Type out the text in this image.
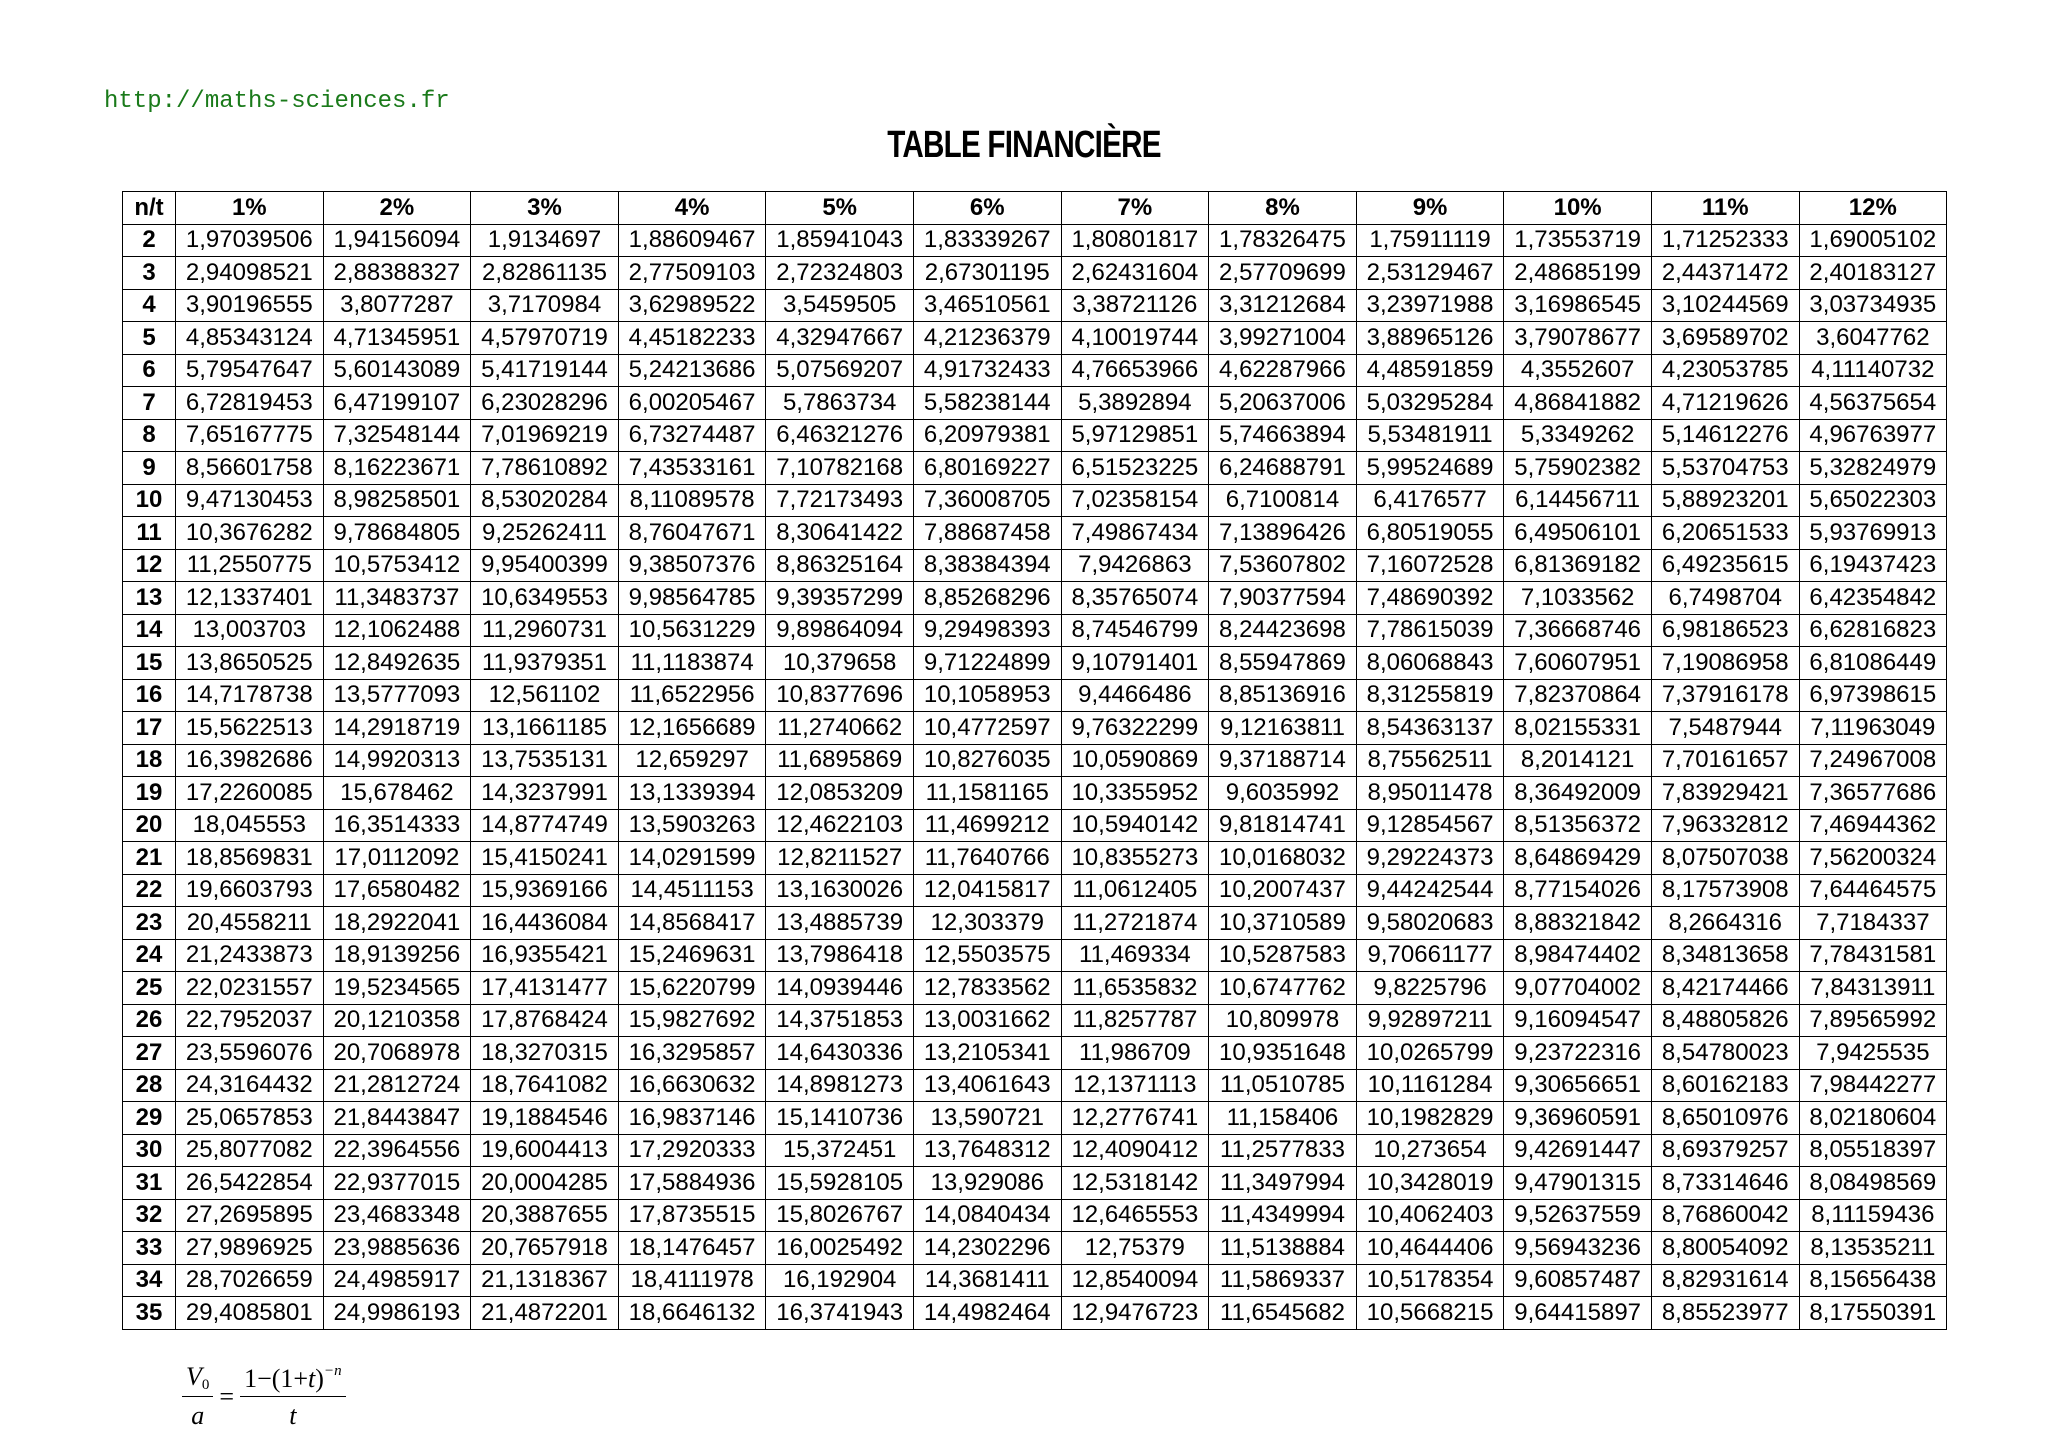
http://maths-sciences.fr
TABLE FINANCIÈRE
n/t	1%	2%	3%	4%	5%	6%	7%	8%	9%	10%	11%	12%
2	1,97039506	1,94156094	1,9134697	1,88609467	1,85941043	1,83339267	1,80801817	1,78326475	1,75911119	1,73553719	1,71252333	1,69005102
3	2,94098521	2,88388327	2,82861135	2,77509103	2,72324803	2,67301195	2,62431604	2,57709699	2,53129467	2,48685199	2,44371472	2,40183127
4	3,90196555	3,8077287	3,7170984	3,62989522	3,5459505	3,46510561	3,38721126	3,31212684	3,23971988	3,16986545	3,10244569	3,03734935
5	4,85343124	4,71345951	4,57970719	4,45182233	4,32947667	4,21236379	4,10019744	3,99271004	3,88965126	3,79078677	3,69589702	3,6047762
6	5,79547647	5,60143089	5,41719144	5,24213686	5,07569207	4,91732433	4,76653966	4,62287966	4,48591859	4,3552607	4,23053785	4,11140732
7	6,72819453	6,47199107	6,23028296	6,00205467	5,7863734	5,58238144	5,3892894	5,20637006	5,03295284	4,86841882	4,71219626	4,56375654
8	7,65167775	7,32548144	7,01969219	6,73274487	6,46321276	6,20979381	5,97129851	5,74663894	5,53481911	5,3349262	5,14612276	4,96763977
9	8,56601758	8,16223671	7,78610892	7,43533161	7,10782168	6,80169227	6,51523225	6,24688791	5,99524689	5,75902382	5,53704753	5,32824979
10	9,47130453	8,98258501	8,53020284	8,11089578	7,72173493	7,36008705	7,02358154	6,7100814	6,4176577	6,14456711	5,88923201	5,65022303
11	10,3676282	9,78684805	9,25262411	8,76047671	8,30641422	7,88687458	7,49867434	7,13896426	6,80519055	6,49506101	6,20651533	5,93769913
12	11,2550775	10,5753412	9,95400399	9,38507376	8,86325164	8,38384394	7,9426863	7,53607802	7,16072528	6,81369182	6,49235615	6,19437423
13	12,1337401	11,3483737	10,6349553	9,98564785	9,39357299	8,85268296	8,35765074	7,90377594	7,48690392	7,1033562	6,7498704	6,42354842
14	13,003703	12,1062488	11,2960731	10,5631229	9,89864094	9,29498393	8,74546799	8,24423698	7,78615039	7,36668746	6,98186523	6,62816823
15	13,8650525	12,8492635	11,9379351	11,1183874	10,379658	9,71224899	9,10791401	8,55947869	8,06068843	7,60607951	7,19086958	6,81086449
16	14,7178738	13,5777093	12,561102	11,6522956	10,8377696	10,1058953	9,4466486	8,85136916	8,31255819	7,82370864	7,37916178	6,97398615
17	15,5622513	14,2918719	13,1661185	12,1656689	11,2740662	10,4772597	9,76322299	9,12163811	8,54363137	8,02155331	7,5487944	7,11963049
18	16,3982686	14,9920313	13,7535131	12,659297	11,6895869	10,8276035	10,0590869	9,37188714	8,75562511	8,2014121	7,70161657	7,24967008
19	17,2260085	15,678462	14,3237991	13,1339394	12,0853209	11,1581165	10,3355952	9,6035992	8,95011478	8,36492009	7,83929421	7,36577686
20	18,045553	16,3514333	14,8774749	13,5903263	12,4622103	11,4699212	10,5940142	9,81814741	9,12854567	8,51356372	7,96332812	7,46944362
21	18,8569831	17,0112092	15,4150241	14,0291599	12,8211527	11,7640766	10,8355273	10,0168032	9,29224373	8,64869429	8,07507038	7,56200324
22	19,6603793	17,6580482	15,9369166	14,4511153	13,1630026	12,0415817	11,0612405	10,2007437	9,44242544	8,77154026	8,17573908	7,64464575
23	20,4558211	18,2922041	16,4436084	14,8568417	13,4885739	12,303379	11,2721874	10,3710589	9,58020683	8,88321842	8,2664316	7,7184337
24	21,2433873	18,9139256	16,9355421	15,2469631	13,7986418	12,5503575	11,469334	10,5287583	9,70661177	8,98474402	8,34813658	7,78431581
25	22,0231557	19,5234565	17,4131477	15,6220799	14,0939446	12,7833562	11,6535832	10,6747762	9,8225796	9,07704002	8,42174466	7,84313911
26	22,7952037	20,1210358	17,8768424	15,9827692	14,3751853	13,0031662	11,8257787	10,809978	9,92897211	9,16094547	8,48805826	7,89565992
27	23,5596076	20,7068978	18,3270315	16,3295857	14,6430336	13,2105341	11,986709	10,9351648	10,0265799	9,23722316	8,54780023	7,9425535
28	24,3164432	21,2812724	18,7641082	16,6630632	14,8981273	13,4061643	12,1371113	11,0510785	10,1161284	9,30656651	8,60162183	7,98442277
29	25,0657853	21,8443847	19,1884546	16,9837146	15,1410736	13,590721	12,2776741	11,158406	10,1982829	9,36960591	8,65010976	8,02180604
30	25,8077082	22,3964556	19,6004413	17,2920333	15,372451	13,7648312	12,4090412	11,2577833	10,273654	9,42691447	8,69379257	8,05518397
31	26,5422854	22,9377015	20,0004285	17,5884936	15,5928105	13,929086	12,5318142	11,3497994	10,3428019	9,47901315	8,73314646	8,08498569
32	27,2695895	23,4683348	20,3887655	17,8735515	15,8026767	14,0840434	12,6465553	11,4349994	10,4062403	9,52637559	8,76860042	8,11159436
33	27,9896925	23,9885636	20,7657918	18,1476457	16,0025492	14,2302296	12,75379	11,5138884	10,4644406	9,56943236	8,80054092	8,13535211
34	28,7026659	24,4985917	21,1318367	18,4111978	16,192904	14,3681411	12,8540094	11,5869337	10,5178354	9,60857487	8,82931614	8,15656438
35	29,4085801	24,9986193	21,4872201	18,6646132	16,3741943	14,4982464	12,9476723	11,6545682	10,5668215	9,64415897	8,85523977	8,17550391
$\frac{V_0}{a} = \frac{1-(1+t)^{-n}}{t}$
